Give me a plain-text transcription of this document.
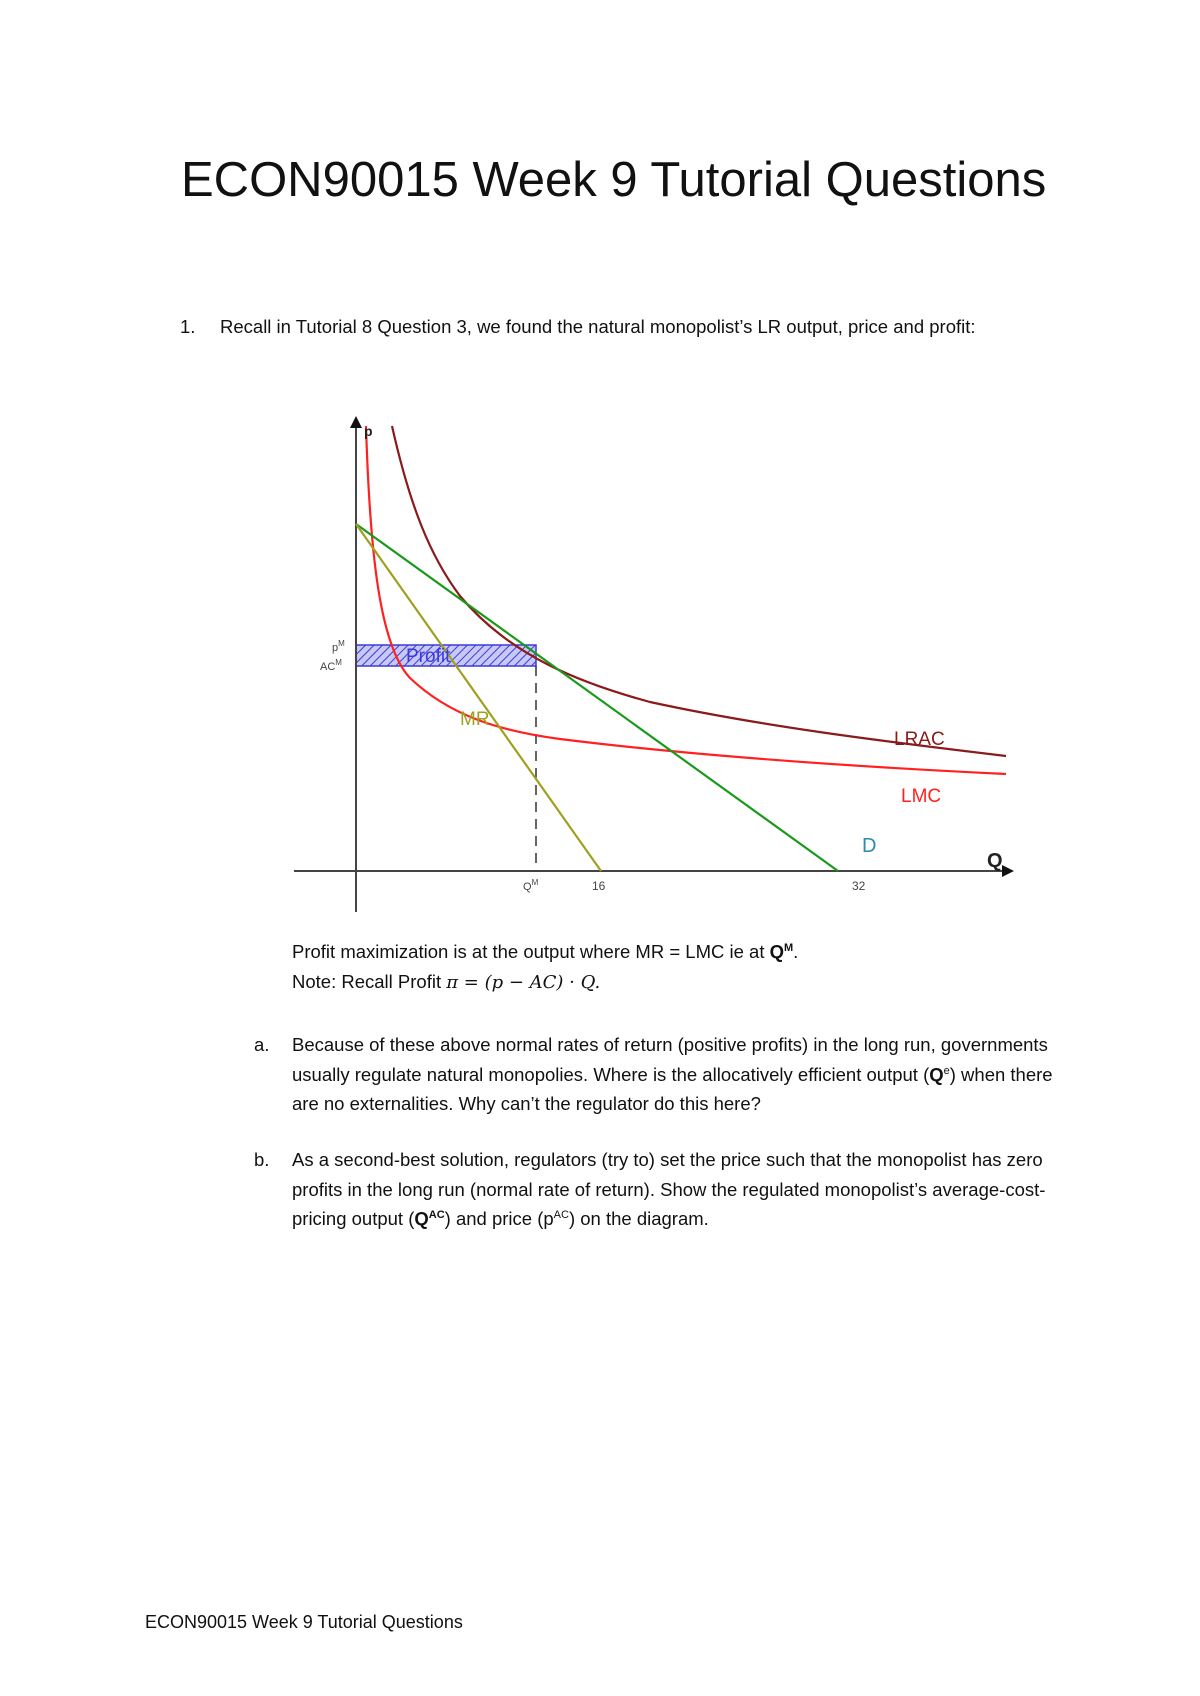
ECON90015 Week 9 Tutorial Questions
1. Recall in Tutorial 8 Question 3, we found the natural monopolist’s LR output, price and profit:
p
Q
$p^M$
$AC^M$
$Q^M$	16	32
Profit
MR
LRAC
LMC
D
Profit maximization is at the output where MR = LMC ie at $Q^M$.
Note: Recall Profit π = (p − AC) · Q.
a. Because of these above normal rates of return (positive profits) in the long run, governments usually regulate natural monopolies. Where is the allocatively efficient output $(Q^e)$ when there are no externalities. Why can’t the regulator do this here?
b. As a second-best solution, regulators (try to) set the price such that the monopolist has zero profits in the long run (normal rate of return). Show the regulated monopolist’s average-cost-pricing output $(Q^{AC})$ and price $(p^{AC})$ on the diagram.
ECON90015 Week 9 Tutorial Questions
